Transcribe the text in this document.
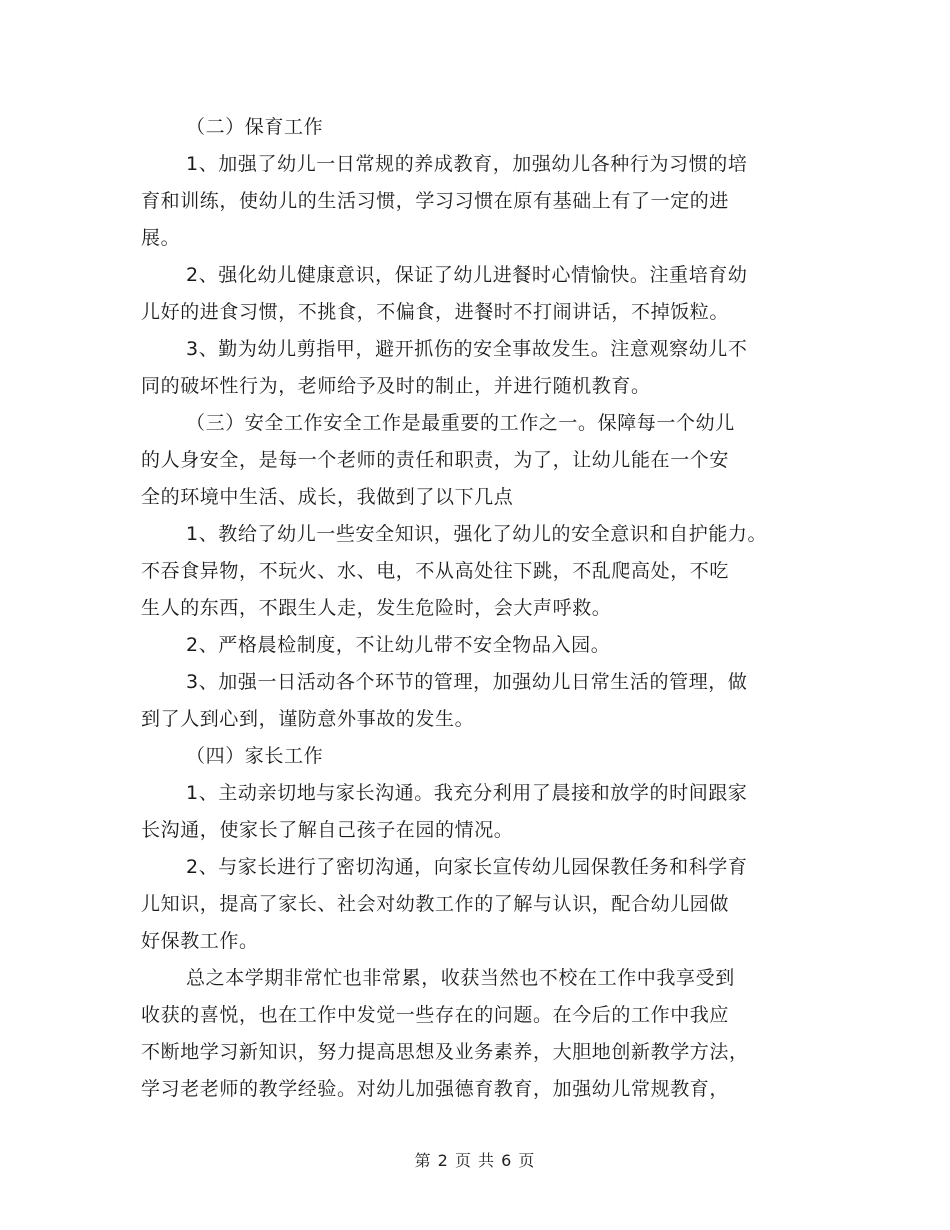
（二）保育工作
1、加强了幼儿一日常规的养成教育，加强幼儿各种行为习惯的培
育和训练，使幼儿的生活习惯，学习习惯在原有基础上有了一定的进
展。
2、强化幼儿健康意识，保证了幼儿进餐时心情愉快。注重培育幼
儿好的进食习惯，不挑食，不偏食，进餐时不打闹讲话，不掉饭粒。
3、勤为幼儿剪指甲，避开抓伤的安全事故发生。注意观察幼儿不
同的破坏性行为，老师给予及时的制止，并进行随机教育。
（三）安全工作安全工作是最重要的工作之一。保障每一个幼儿
的人身安全，是每一个老师的责任和职责，为了，让幼儿能在一个安
全的环境中生活、成长，我做到了以下几点
1、教给了幼儿一些安全知识，强化了幼儿的安全意识和自护能力。
不吞食异物，不玩火、水、电，不从高处往下跳，不乱爬高处，不吃
生人的东西，不跟生人走，发生危险时，会大声呼救。
2、严格晨检制度，不让幼儿带不安全物品入园。
3、加强一日活动各个环节的管理，加强幼儿日常生活的管理，做
到了人到心到，谨防意外事故的发生。
（四）家长工作
1、主动亲切地与家长沟通。我充分利用了晨接和放学的时间跟家
长沟通，使家长了解自己孩子在园的情况。
2、与家长进行了密切沟通，向家长宣传幼儿园保教任务和科学育
儿知识，提高了家长、社会对幼教工作的了解与认识，配合幼儿园做
好保教工作。
总之本学期非常忙也非常累，收获当然也不校在工作中我享受到
收获的喜悦，也在工作中发觉一些存在的问题。在今后的工作中我应
不断地学习新知识，努力提高思想及业务素养，大胆地创新教学方法，
学习老老师的教学经验。对幼儿加强德育教育，加强幼儿常规教育，
第 2 页 共 6 页
